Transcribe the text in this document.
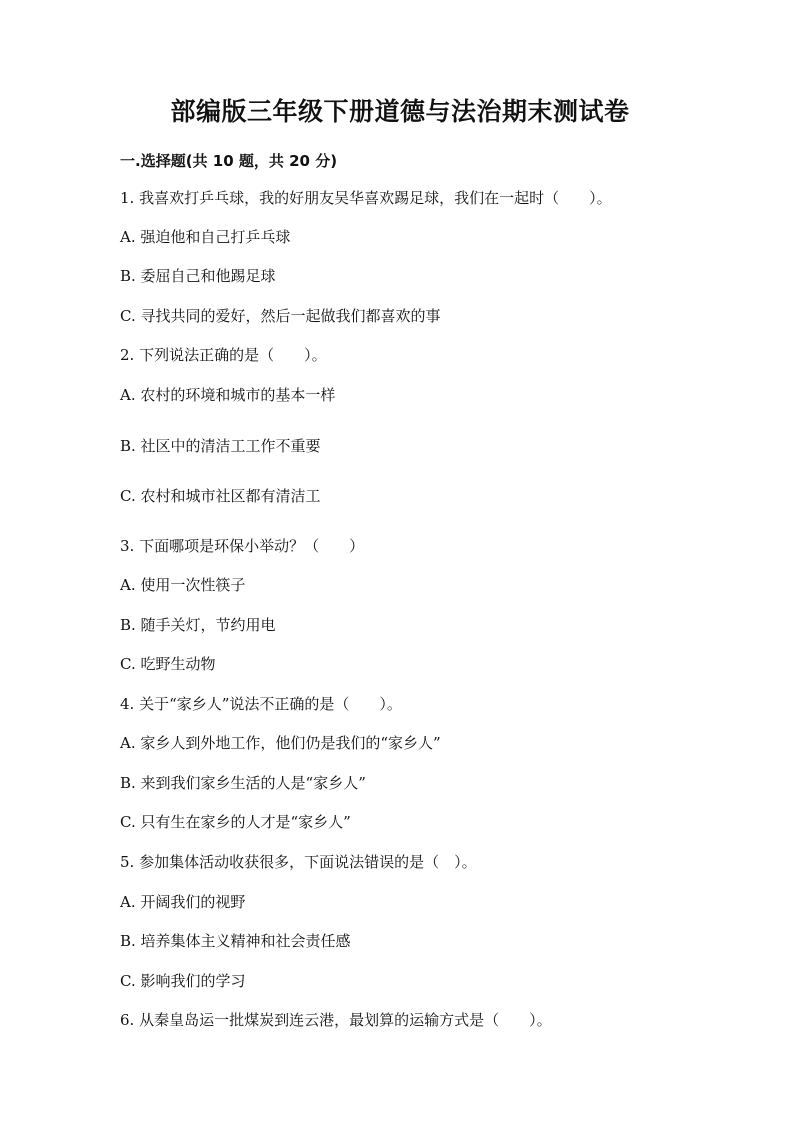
部编版三年级下册道德与法治期末测试卷
一.选择题(共 10 题，共 20 分)
1. 我喜欢打乒乓球，我的好朋友吴华喜欢踢足球，我们在一起时（　　）。
A. 强迫他和自己打乒乓球
B. 委屈自己和他踢足球
C. 寻找共同的爱好，然后一起做我们都喜欢的事
2. 下列说法正确的是（　　）。
A. 农村的环境和城市的基本一样
B. 社区中的清洁工工作不重要
C. 农村和城市社区都有清洁工
3. 下面哪项是环保小举动？（　　）
A. 使用一次性筷子
B. 随手关灯，节约用电
C. 吃野生动物
4. 关于“家乡人”说法不正确的是（　　）。
A. 家乡人到外地工作，他们仍是我们的“家乡人”
B. 来到我们家乡生活的人是“家乡人”
C. 只有生在家乡的人才是“家乡人”
5. 参加集体活动收获很多，下面说法错误的是（　）。
A. 开阔我们的视野
B. 培养集体主义精神和社会责任感
C. 影响我们的学习
6. 从秦皇岛运一批煤炭到连云港，最划算的运输方式是（　　）。
